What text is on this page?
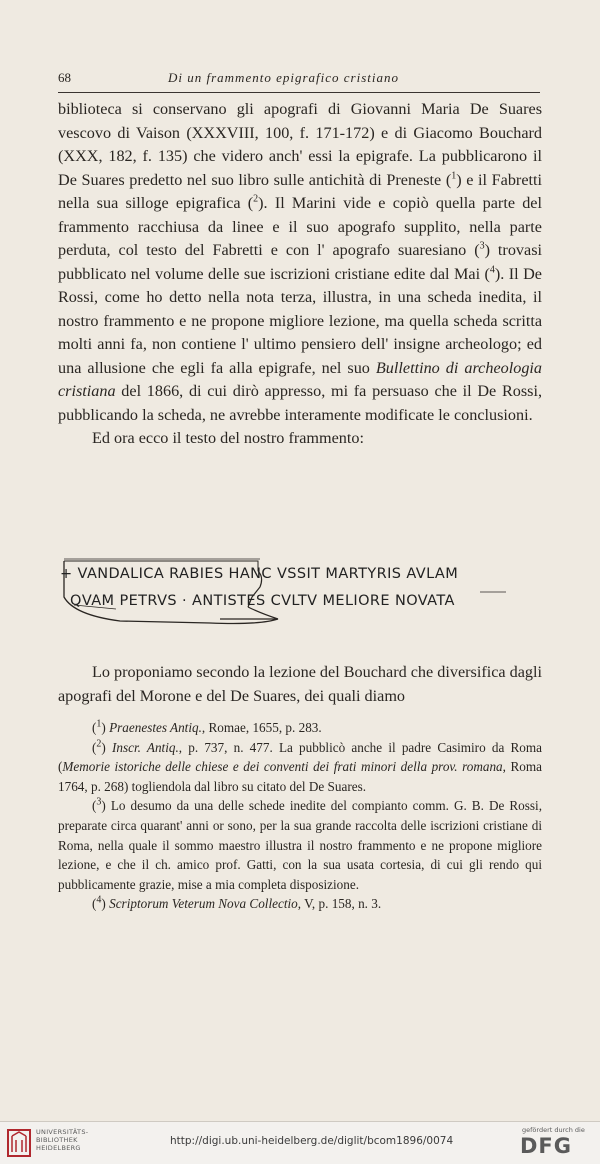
68	Di un frammento epigrafico cristiano

biblioteca si conservano gli apografi di Giovanni Maria De Suares vescovo di Vaison (XXXVIII, 100, f. 171-172) e di Giacomo Bouchard (XXX, 182, f. 135) che videro anch' essi la epigrafe. La pubblicarono il De Suares predetto nel suo libro sulle antichità di Preneste ($^1$) e il Fabretti nella sua silloge epigrafica ($^2$). Il Marini vide e copiò quella parte del frammento racchiusa da linee e il suo apografo supplito, nella parte perduta, col testo del Fabretti e con l' apografo suaresiano ($^3$) trovasi pubblicato nel volume delle sue iscrizioni cristiane edite dal Mai ($^4$). Il De Rossi, come ho detto nella nota terza, illustra, in una scheda inedita, il nostro frammento e ne propone migliore lezione, ma quella scheda scritta molti anni fa, non contiene l' ultimo pensiero dell' insigne archeologo; ed una allusione che egli fa alla epigrafe, nel suo Bullettino di archeologia cristiana del 1866, di cui dirò appresso, mi fa persuaso che il De Rossi, pubblicando la scheda, ne avrebbe interamente modificate le conclusioni.

Ed ora ecco il testo del nostro frammento:

+ VANDALICA RABIES HANC VSSIT MARTYRIS AVLAM
QVAM PETRVS · ANTISTES CVLTV MELIORE NOVATA

Lo proponiamo secondo la lezione del Bouchard che diversifica dagli apografi del Morone e del De Suares, dei quali diamo

($^1$) Praenestes Antiq., Romae, 1655, p. 283.

($^2$) Inscr. Antiq., p. 737, n. 477. La pubblicò anche il padre Casimiro da Roma (Memorie istoriche delle chiese e dei conventi dei frati minori della prov. romana, Roma 1764, p. 268) togliendola dal libro su citato del De Suares.

($^3$) Lo desumo da una delle schede inedite del compianto comm. G. B. De Rossi, preparate circa quarant' anni or sono, per la sua grande raccolta delle iscrizioni cristiane di Roma, nella quale il sommo maestro illustra il nostro frammento e ne propone migliore lezione, e che il ch. amico prof. Gatti, con la sua usata cortesia, di cui gli rendo qui pubblicamente grazie, mise a mia completa disposizione.

($^4$) Scriptorum Veterum Nova Collectio, V, p. 158, n. 3.

UNIVERSITÄTS-
BIBLIOTHEK
HEIDELBERG
http://digi.ub.uni-heidelberg.de/diglit/bcom1896/0074
gefördert durch die
DFG
